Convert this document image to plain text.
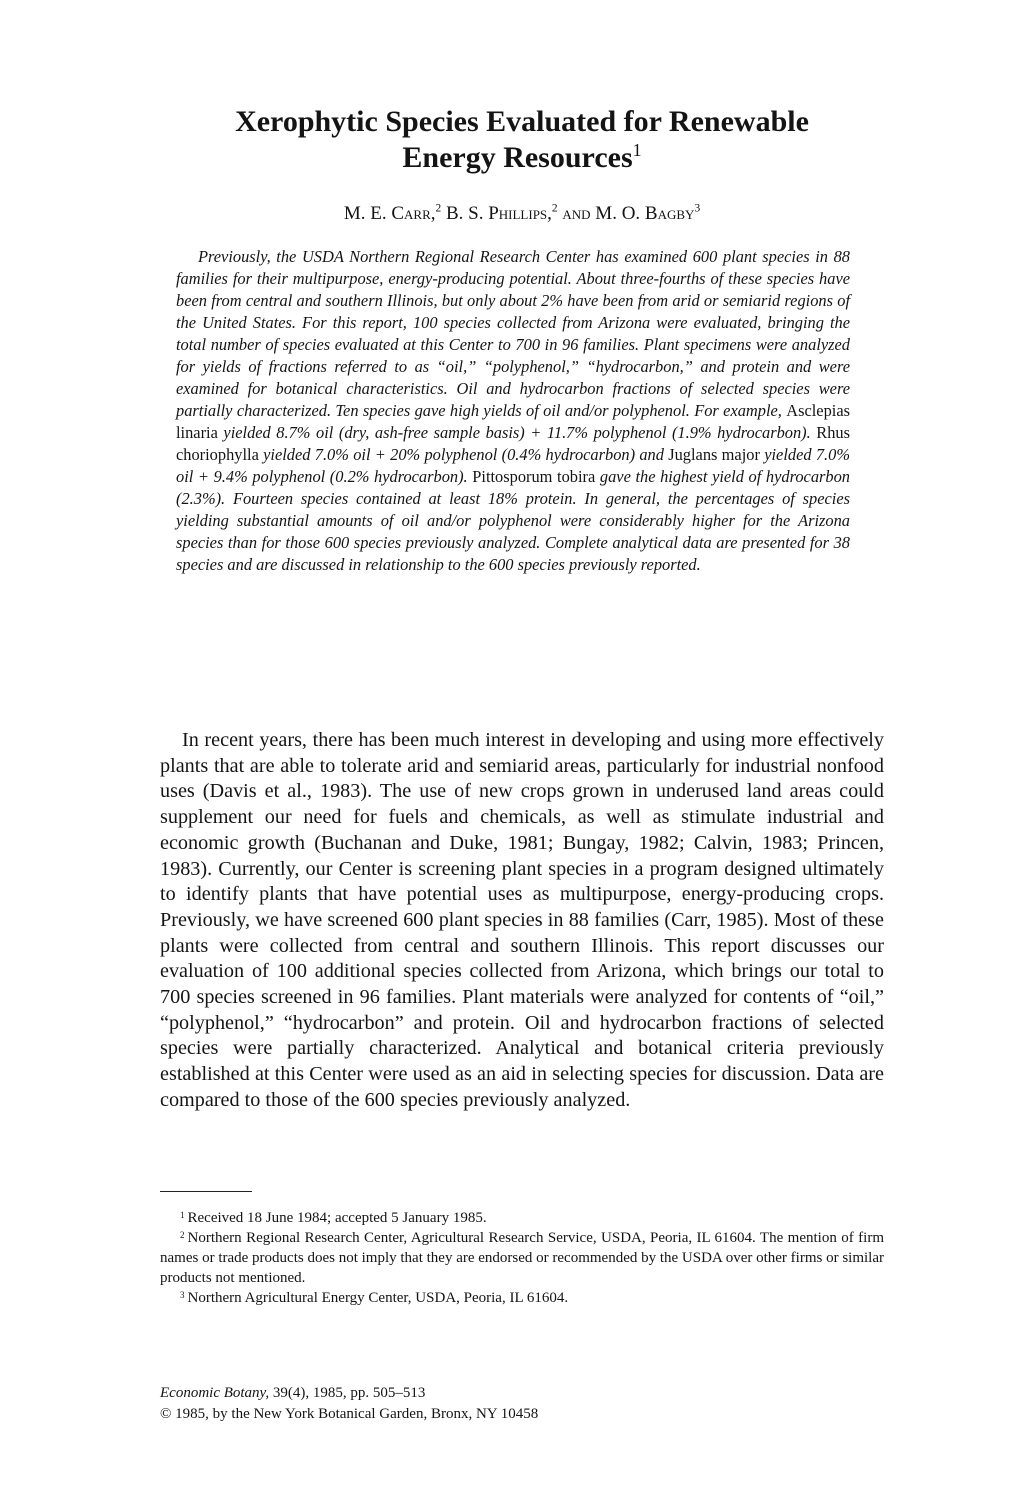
Xerophytic Species Evaluated for Renewable
Energy Resources$^1$
M. E. Carr,$^2$ B. S. Phillips,$^2$ and M. O. Bagby$^3$

Previously, the USDA Northern Regional Research Center has examined 600 plant species in 88 families for their multipurpose, energy-producing potential. About three-fourths of these species have been from central and southern Illinois, but only about 2% have been from arid or semiarid regions of the United States. For this report, 100 species collected from Arizona were evaluated, bringing the total number of species evaluated at this Center to 700 in 96 families. Plant specimens were analyzed for yields of fractions referred to as “oil,” “polyphenol,” “hydrocarbon,” and protein and were examined for botanical characteristics. Oil and hydrocarbon fractions of selected species were partially characterized. Ten species gave high yields of oil and/or polyphenol. For example, Asclepias linaria yielded 8.7% oil (dry, ash-free sample basis) + 11.7% polyphenol (1.9% hydrocarbon). Rhus choriophylla yielded 7.0% oil + 20% polyphenol (0.4% hydrocarbon) and Juglans major yielded 7.0% oil + 9.4% polyphenol (0.2% hydrocarbon). Pittosporum tobira gave the highest yield of hydrocarbon (2.3%). Fourteen species contained at least 18% protein. In general, the percentages of species yielding substantial amounts of oil and/or polyphenol were considerably higher for the Arizona species than for those 600 species previously analyzed. Complete analytical data are presented for 38 species and are discussed in relationship to the 600 species previously reported.

In recent years, there has been much interest in developing and using more effectively plants that are able to tolerate arid and semiarid areas, particularly for industrial nonfood uses (Davis et al., 1983). The use of new crops grown in underused land areas could supplement our need for fuels and chemicals, as well as stimulate industrial and economic growth (Buchanan and Duke, 1981; Bungay, 1982; Calvin, 1983; Princen, 1983). Currently, our Center is screening plant species in a program designed ultimately to identify plants that have potential uses as multipurpose, energy-producing crops. Previously, we have screened 600 plant species in 88 families (Carr, 1985). Most of these plants were collected from central and southern Illinois. This report discusses our evaluation of 100 additional species collected from Arizona, which brings our total to 700 species screened in 96 families. Plant materials were analyzed for contents of “oil,” “polyphenol,” “hydrocarbon” and protein. Oil and hydrocarbon fractions of selected species were partially characterized. Analytical and botanical criteria previously established at this Center were used as an aid in selecting species for discussion. Data are compared to those of the 600 species previously analyzed.

$^1$ Received 18 June 1984; accepted 5 January 1985.

$^2$ Northern Regional Research Center, Agricultural Research Service, USDA, Peoria, IL 61604. The mention of firm names or trade products does not imply that they are endorsed or recommended by the USDA over other firms or similar products not mentioned.

$^3$ Northern Agricultural Energy Center, USDA, Peoria, IL 61604.

Economic Botany, 39(4), 1985, pp. 505–513
© 1985, by the New York Botanical Garden, Bronx, NY 10458
